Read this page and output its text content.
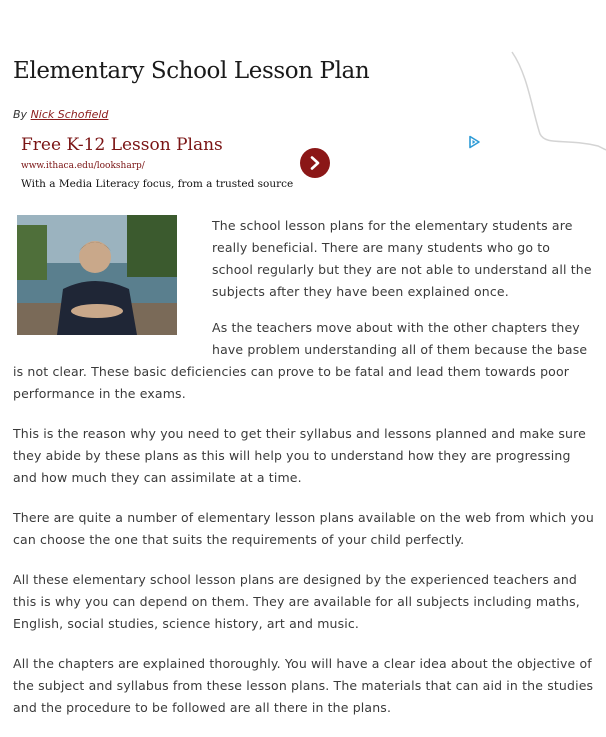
Elementary School Lesson Plan
By Nick Schofield
Free K-12 Lesson Plans
www.ithaca.edu/looksharp/
With a Media Literacy focus, from a trusted source

The school lesson plans for the elementary students are really beneficial. There are many students who go to school regularly but they are not able to understand all the subjects after they have been explained once.

As the teachers move about with the other chapters they have problem understanding all of them because the base is not clear. These basic deficiencies can prove to be fatal and lead them towards poor performance in the exams.

This is the reason why you need to get their syllabus and lessons planned and make sure they abide by these plans as this will help you to understand how they are progressing and how much they can assimilate at a time.

There are quite a number of elementary lesson plans available on the web from which you can choose the one that suits the requirements of your child perfectly.

All these elementary school lesson plans are designed by the experienced teachers and this is why you can depend on them. They are available for all subjects including maths, English, social studies, science history, art and music.

All the chapters are explained thoroughly. You will have a clear idea about the objective of the subject and syllabus from these lesson plans. The materials that can aid in the studies and the procedure to be followed are all there in the plans.
